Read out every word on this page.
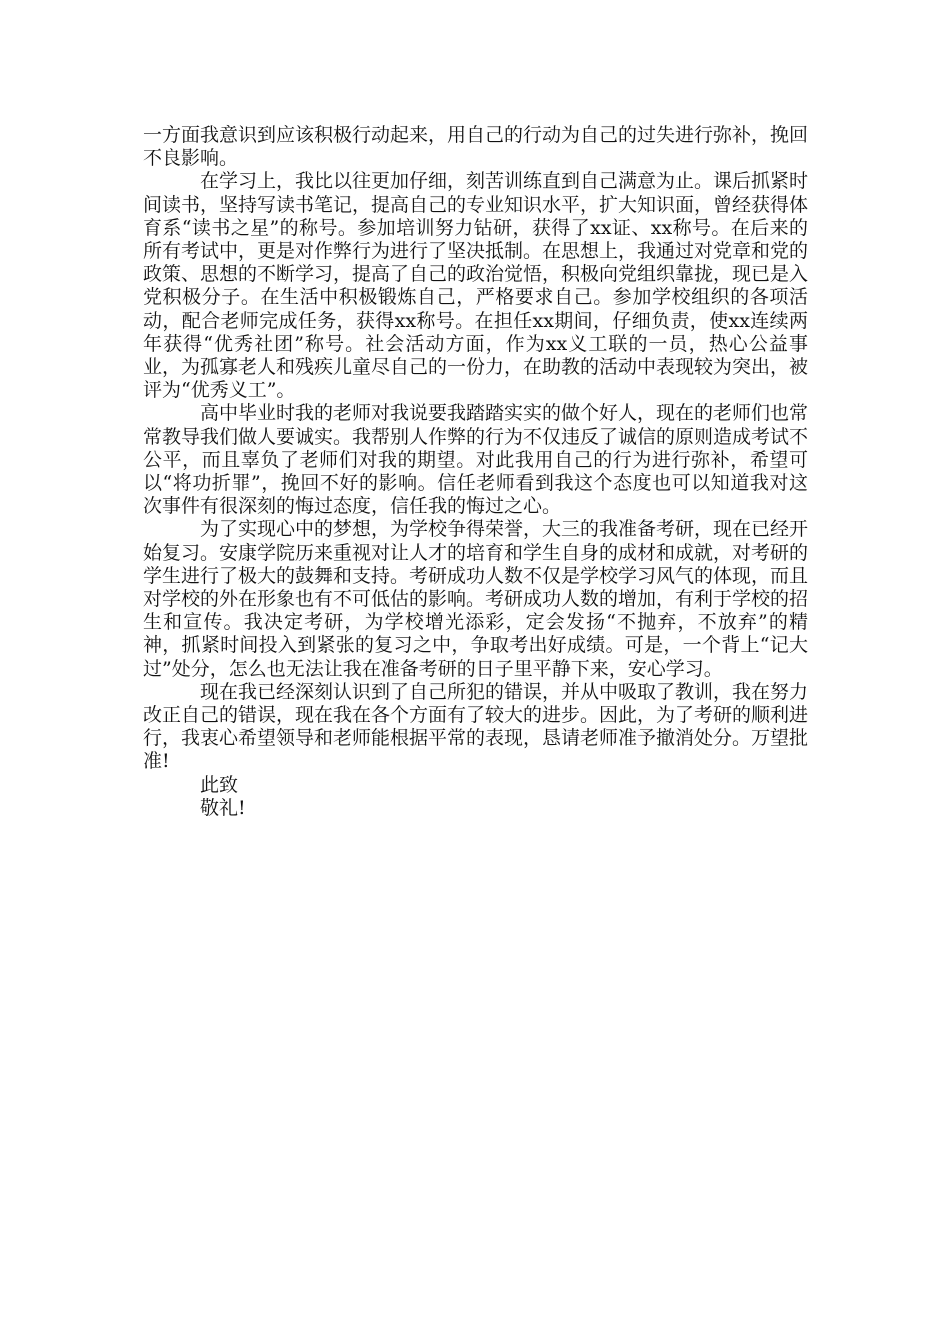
一方面我意识到应该积极行动起来，用自己的行动为自己的过失进行弥补，挽回不良影响。

在学习上，我比以往更加仔细，刻苦训练直到自己满意为止。课后抓紧时间读书，坚持写读书笔记，提高自己的专业知识水平，扩大知识面，曾经获得体育系“读书之星”的称号。参加培训努力钻研，获得了xx证、xx称号。在后来的所有考试中，更是对作弊行为进行了坚决抵制。在思想上，我通过对党章和党的政策、思想的不断学习，提高了自己的政治觉悟，积极向党组织靠拢，现已是入党积极分子。在生活中积极锻炼自己，严格要求自己。参加学校组织的各项活动，配合老师完成任务，获得xx称号。在担任xx期间，仔细负责，使xx连续两年获得“优秀社团”称号。社会活动方面，作为xx义工联的一员，热心公益事业，为孤寡老人和残疾儿童尽自己的一份力，在助教的活动中表现较为突出，被评为“优秀义工”。

高中毕业时我的老师对我说要我踏踏实实的做个好人，现在的老师们也常常教导我们做人要诚实。我帮别人作弊的行为不仅违反了诚信的原则造成考试不公平，而且辜负了老师们对我的期望。对此我用自己的行为进行弥补，希望可以“将功折罪”，挽回不好的影响。信任老师看到我这个态度也可以知道我对这次事件有很深刻的悔过态度，信任我的悔过之心。

为了实现心中的梦想，为学校争得荣誉，大三的我准备考研，现在已经开始复习。安康学院历来重视对让人才的培育和学生自身的成材和成就，对考研的学生进行了极大的鼓舞和支持。考研成功人数不仅是学校学习风气的体现，而且对学校的外在形象也有不可低估的影响。考研成功人数的增加，有利于学校的招生和宣传。我决定考研，为学校增光添彩，定会发扬“不抛弃，不放弃”的精神，抓紧时间投入到紧张的复习之中，争取考出好成绩。可是，一个背上“记大过”处分，怎么也无法让我在准备考研的日子里平静下来，安心学习。

现在我已经深刻认识到了自己所犯的错误，并从中吸取了教训，我在努力改正自己的错误，现在我在各个方面有了较大的进步。因此，为了考研的顺利进行，我衷心希望领导和老师能根据平常的表现，恳请老师准予撤消处分。万望批准!

此致

敬礼!
